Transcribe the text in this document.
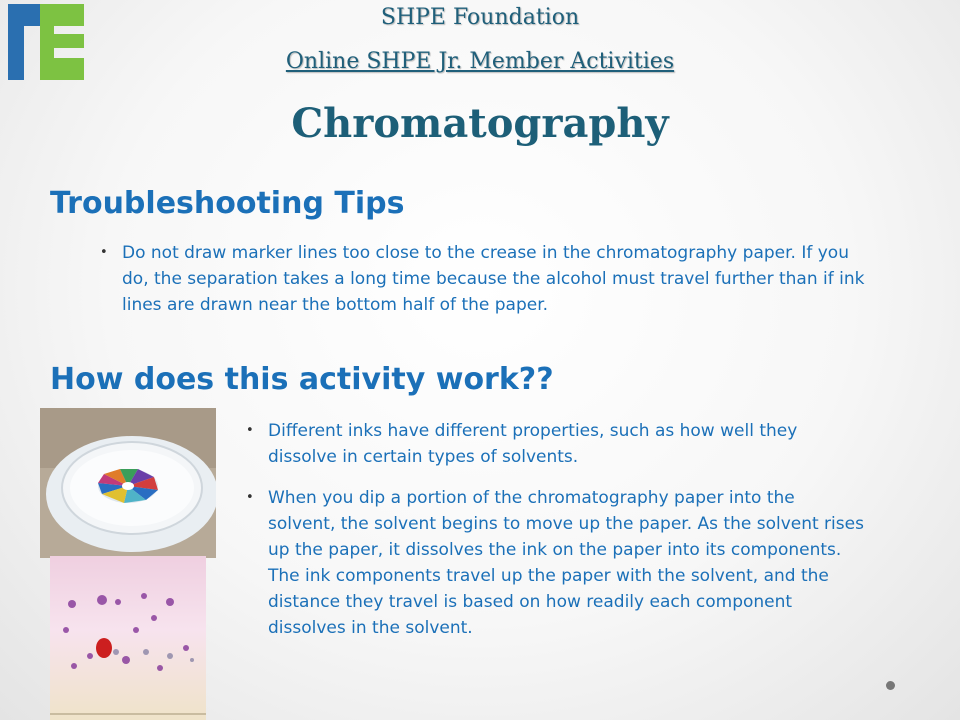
SHPE Foundation
Online SHPE Jr. Member Activities
Chromatography
Troubleshooting Tips
• Do not draw marker lines too close to the crease in the chromatography paper. If you do, the separation takes a long time because the alcohol must travel further than if ink lines are drawn near the bottom half of the paper.
How does this activity work??
• Different inks have different properties, such as how well they dissolve in certain types of solvents.
• When you dip a portion of the chromatography paper into the solvent, the solvent begins to move up the paper. As the solvent rises up the paper, it dissolves the ink on the paper into its components. The ink components travel up the paper with the solvent, and the distance they travel is based on how readily each component dissolves in the solvent.
